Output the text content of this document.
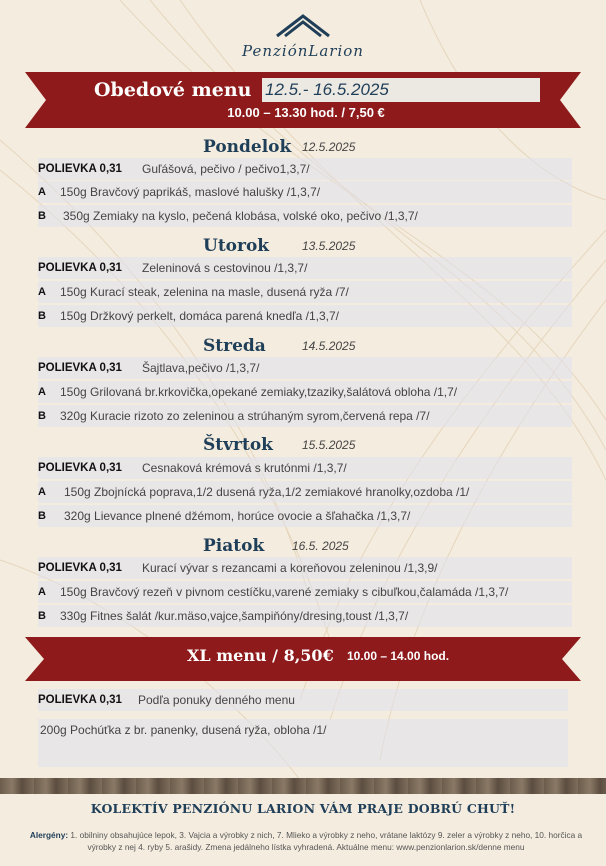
PenziónLarion
Obedové menu 12.5.- 16.5.2025
10.00 – 13.30 hod. / 7,50 €
Pondelok 12.5.2025
POLIEVKA 0,31 Guľášová, pečivo / pečivo1,3,7/
A 150g Bravčový paprikáš, maslové halušky /1,3,7/
B 350g Zemiaky na kyslo, pečená klobása, volské oko, pečivo /1,3,7/
Utorok	13.5.2025
POLIEVKA 0,31 Zeleninová s cestovinou /1,3,7/
A 150g Kurací steak, zelenina na masle, dusená ryža /7/
B 150g Držkový perkelt, domáca parená knedľa /1,3,7/
Streda	14.5.2025
POLIEVKA 0,31 Šajtlava,pečivo /1,3,7/
A 150g Grilovaná br.krkovička,opekané zemiaky,tzaziky,šalátová obloha /1,7/
B 320g Kuracie rizoto zo zeleninou a strúhaným syrom,červená repa /7/
Štvrtok 15.5.2025
POLIEVKA 0,31 Cesnaková krémová s krutónmi /1,3,7/
A 150g Zbojnícká poprava,1/2 dusená ryža,1/2 zemiakové hranolky,ozdoba /1/
B 320g Lievance plnené džémom, horúce ovocie a šľahačka /1,3,7/
Piatok 16.5. 2025
POLIEVKA 0,31 Kurací vývar s rezancami a koreňovou zeleninou /1,3,9/
A 150g Bravčový rezeň v pivnom cestíčku,varené zemiaky s cibuľkou,čalamáda /1,3,7/
B 330g Fitnes šalát /kur.mäso,vajce,šampiňóny/dresing,toust /1,3,7/
XL menu / 8,50€ 10.00 – 14.00 hod.
POLIEVKA 0,31 Podľa ponuky denného menu
200g Pochúťka z br. panenky, dusená ryža, obloha /1/
KOLEKTÍV PENZIÓNU LARION VÁM PRAJE DOBRÚ CHUŤ!
Alergény: 1. obilniny obsahujúce lepok, 3. Vajcia a výrobky z nich, 7. Mlieko a výrobky z neho, vrátane laktózy 9. zeler a výrobky z neho, 10. horčica a výrobky z nej 4. ryby 5. arašidy. Zmena jedálneho lístka vyhradená. Aktuálne menu: www.penzionlarion.sk/denne menu
